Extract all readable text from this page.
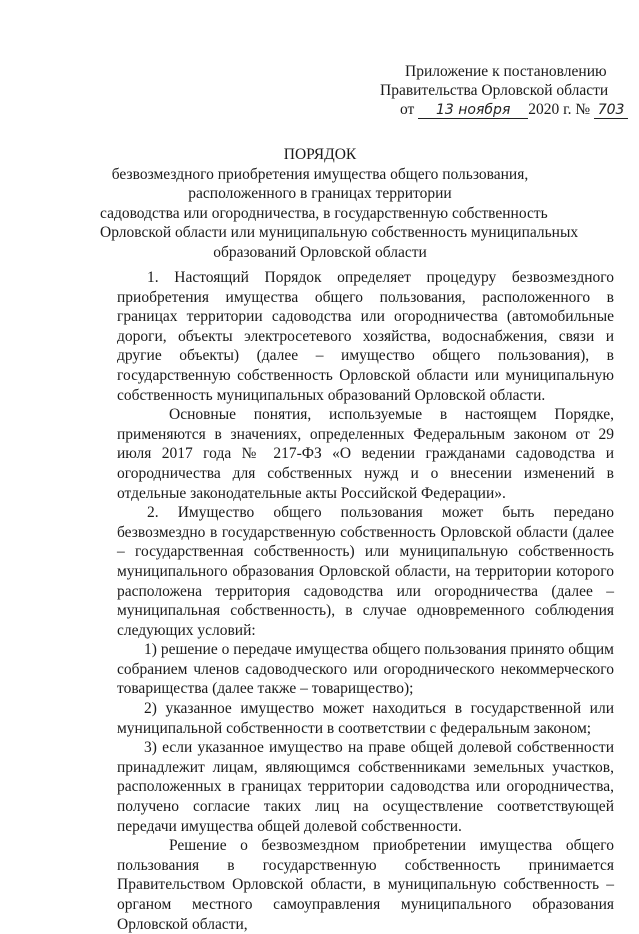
Приложение к постановлению
Правительства Орловской области
от 13 ноября 2020 г. № 703
ПОРЯДОК
безвозмездного приобретения имущества общего пользования,
расположенного в границах территории
садоводства или огородничества, в государственную собственность
Орловской области или муниципальную собственность муниципальных
образований Орловской области

1. Настоящий Порядок определяет процедуру безвозмездного приобретения имущества общего пользования, расположенного в границах территории садоводства или огородничества (автомобильные дороги, объекты электросетевого хозяйства, водоснабжения, связи и другие объекты) (далее – имущество общего пользования), в государственную собственность Орловской области или муниципальную собственность муниципальных образований Орловской области.

Основные понятия, используемые в настоящем Порядке, применяются в значениях, определенных Федеральным законом от 29 июля 2017 года № 217-ФЗ «О ведении гражданами садоводства и огородничества для собственных нужд и о внесении изменений в отдельные законодательные акты Российской Федерации».

2. Имущество общего пользования может быть передано безвозмездно в государственную собственность Орловской области (далее – государственная собственность) или муниципальную собственность муниципального образования Орловской области, на территории которого расположена территория садоводства или огородничества (далее – муниципальная собственность), в случае одновременного соблюдения следующих условий:

1) решение о передаче имущества общего пользования принято общим собранием членов садоводческого или огороднического некоммерческого товарищества (далее также – товарищество);

2) указанное имущество может находиться в государственной или муниципальной собственности в соответствии с федеральным законом;

3) если указанное имущество на праве общей долевой собственности принадлежит лицам, являющимся собственниками земельных участков, расположенных в границах территории садоводства или огородничества, получено согласие таких лиц на осуществление соответствующей передачи имущества общей долевой собственности.

Решение о безвозмездном приобретении имущества общего пользования в государственную собственность принимается Правительством Орловской области, в муниципальную собственность – органом местного самоуправления муниципального образования Орловской области,
